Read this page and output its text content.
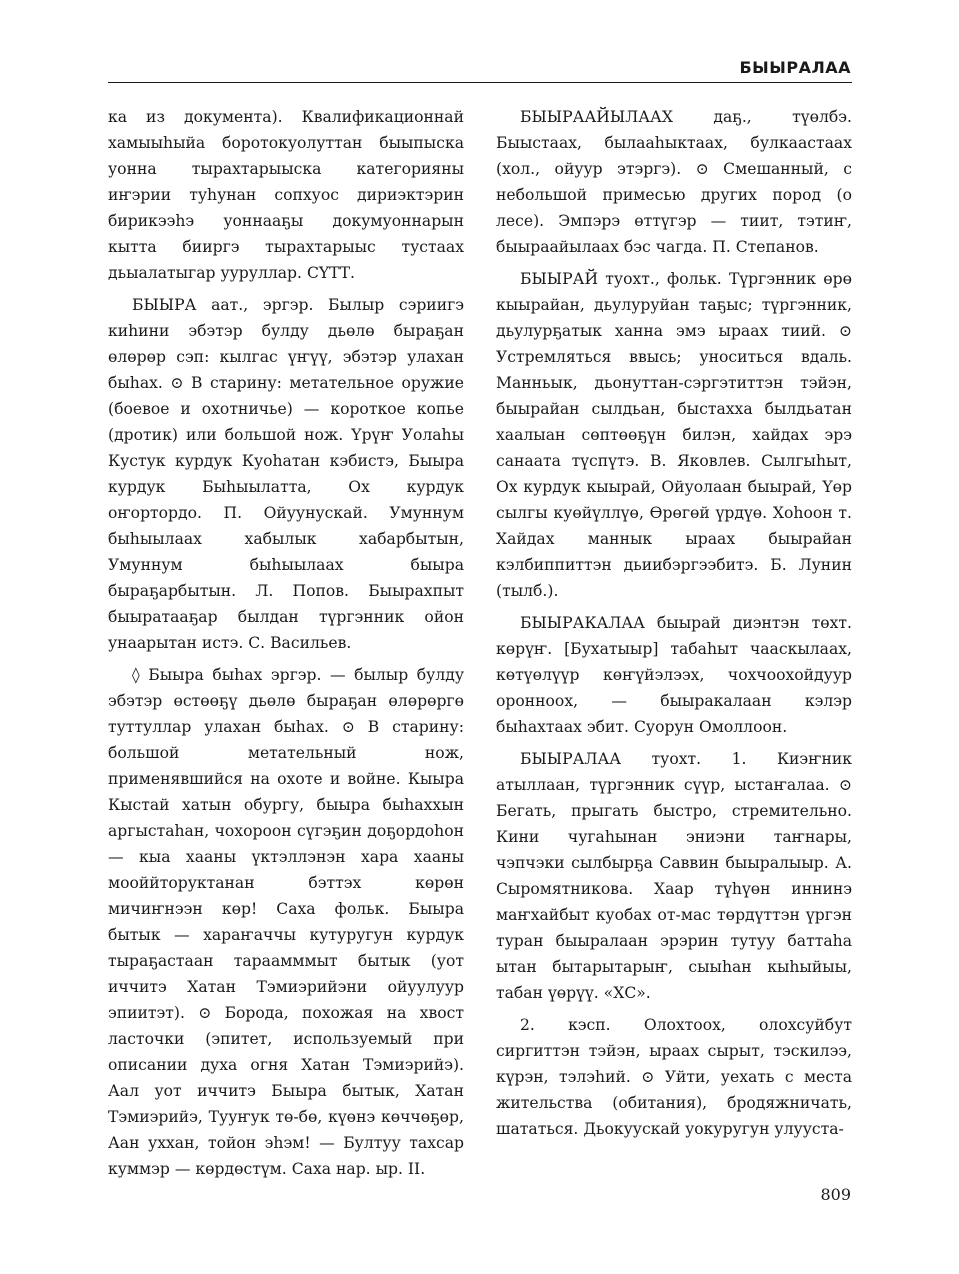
БЫЫРАЛАА

ка из документа). Квалификационнай хамыыһыйа боротокуолуттан быыпыска уонна тырахтарыыска категорияны иҥэрии туһунан сопхуос дириэктэрин бирикээһэ уоннааҕы докумуоннарын кытта бииргэ тырахтарыыс тустаах дьыалатыгар ууруллар. СҮТТ.

БЫЫРА аат., эргэр. Былыр сэриигэ киһини эбэтэр булду дьөлө быраҕан өлөрөр сэп: кылгас үҥүү, эбэтэр улахан быһах. ⊙ В старину: метательное оружие (боевое и охотничье) — короткое копье (дротик) или большой нож. Үрүҥ Уолаhы Кустук курдук Куоһатан кэбистэ, Быыра курдук Быһыылатта, Ох курдук оҥортордо. П. Ойуунускай. Умуннум быһыылаах хабылык хабарбытын, Умуннум быһыылаах быыра быраҕарбытын. Л. Попов. Быырахпыт быыратааҕар былдан түргэнник ойон унаарытан истэ. С. Васильев.

◊ Быыра быһах эргэр. — былыр булду эбэтэр өстөөҕү дьөлө быраҕан өлөрөргө туттуллар улахан быһах. ⊙ В старину: большой метательный нож, применявшийся на охоте и войне. Кыыра Кыстай хатын обургу, быыра быһаххын аргыстаһан, чохороон сүгэҕин доҕордоһон — кыа хааны үктэллэнэн хара хааны мооййторуктанан бэттэх көрөн мичиҥнээн көр! Саха фольк. Быыра бытык — хараҥаччы кутуругун курдук тыраҕастаан тараамммыт бытык (уот иччитэ Хатан Тэмиэрийэни ойуулуур эпиитэт). ⊙ Борода, похожая на хвост ласточки (эпитет, используемый при описании духа огня Хатан Тэмиэрийэ). Аал уот иччитэ Быыра бытык, Хатан Тэмиэрийэ, Тууҥук тө-бө, күөнэ көччөҕөр, Аан уххан, тойон эһэм! — Бултуу тахсар куммэр — көрдөстүм. Саха нар. ыр. II.

БЫЫРААЙЫЛААХ даҕ., түөлбэ. Быыстаах, былааһыктаах, булкаастаах (хол., ойуур этэргэ). ⊙ Смешанный, с небольшой примесью других пород (о лесе). Эмпэрэ өттүгэр — тиит, тэтиҥ, быыраайылаах бэс чагда. П. Степанов.

БЫЫРАЙ туохт., фольк. Түргэнник өрө кыырайан, дьулуруйан таҕыс; түргэнник, дьулурҕатык ханна эмэ ыраах тиий. ⊙ Устремляться ввысь; уноситься вдаль. Манньык, дьонуттан-сэргэтиттэн тэйэн, быырайан сылдьан, быстахха былдьатан хаалыан сөптөөҕүн билэн, хайдах эрэ санаата түспүтэ. В. Яковлев. Сылгыһыт, Ох курдук кыырай, Ойуолаан быырай, Үөр сылгы куөйүллүө, Өрөгөй үрдүө. Хоһоон т. Хайдах маннык ыраах быырайан кэлбиппиттэн дьиибэргээбитэ. Б. Лунин (тылб.).

БЫЫРАКАЛАА быырай диэнтэн төхт. көрүҥ. [Бухатыыр] табаһыт чааскылаах, көтүөлүүр көҥүйэлээх, чохчоохойдуур оронноох, — быыракалаан кэлэр быһахтаах эбит. Суорун Омоллоон.

БЫЫРАЛАА туохт. 1. Киэҥник атыллаан, түргэнник сүүр, ыстаҥалаа. ⊙ Бегать, прыгать быстро, стремительно. Кини чугаһынан эниэни таҥнары, чэпчэки сылбырҕа Саввин быыралыыр. А. Сыромятникова. Хаар түһүөн иннинэ маҥхайбыт куобах от-мас төрдүттэн үргэн туран быыралаан эрэрин тутуу баттаһа ытан бытарытарыҥ, сыыһан кыһыйыы, табан үөрүү. «ХС».

2. кэсп. Олохтоох, олохсуйбут сиргиттэн тэйэн, ыраах сырыт, тэскилээ, күрэн, тэлэһий. ⊙ Уйти, уехать с места жительства (обитания), бродяжничать, шататься. Дьокуускай уокуругун улууста-

809
